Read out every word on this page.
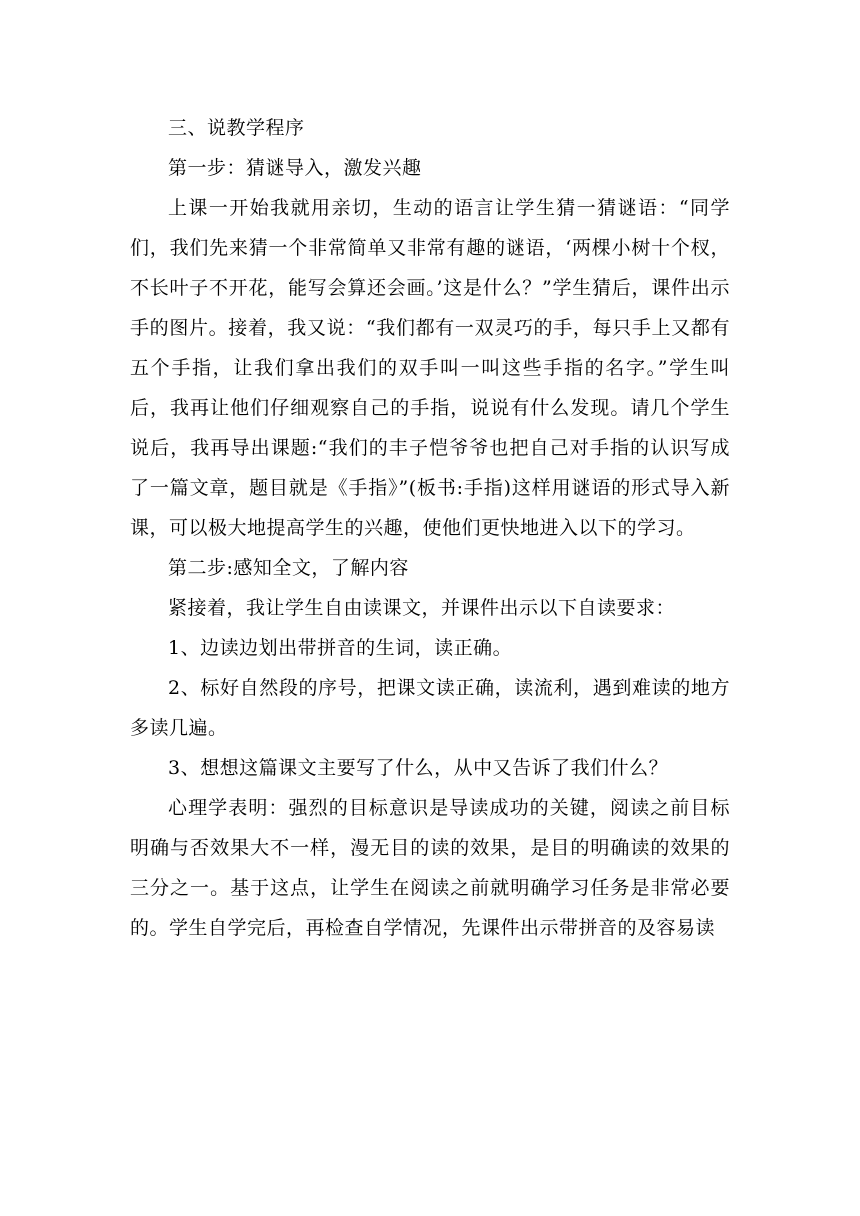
三、说教学程序

第一步：猜谜导入，激发兴趣

上课一开始我就用亲切，生动的语言让学生猜一猜谜语：“同学们，我们先来猜一个非常简单又非常有趣的谜语，‘两棵小树十个杈，不长叶子不开花，能写会算还会画。’这是什么？”学生猜后，课件出示手的图片。接着，我又说：“我们都有一双灵巧的手，每只手上又都有五个手指，让我们拿出我们的双手叫一叫这些手指的名字。”学生叫后，我再让他们仔细观察自己的手指，说说有什么发现。请几个学生说后，我再导出课题:“我们的丰子恺爷爷也把自己对手指的认识写成了一篇文章，题目就是《手指》”(板书:手指)这样用谜语的形式导入新课，可以极大地提高学生的兴趣，使他们更快地进入以下的学习。

第二步:感知全文，了解内容

紧接着，我让学生自由读课文，并课件出示以下自读要求：

1、边读边划出带拼音的生词，读正确。

2、标好自然段的序号，把课文读正确，读流利，遇到难读的地方多读几遍。

3、想想这篇课文主要写了什么，从中又告诉了我们什么？

心理学表明：强烈的目标意识是导读成功的关键，阅读之前目标明确与否效果大不一样，漫无目的读的效果，是目的明确读的效果的三分之一。基于这点，让学生在阅读之前就明确学习任务是非常必要的。学生自学完后，再检查自学情况，先课件出示带拼音的及容易读
